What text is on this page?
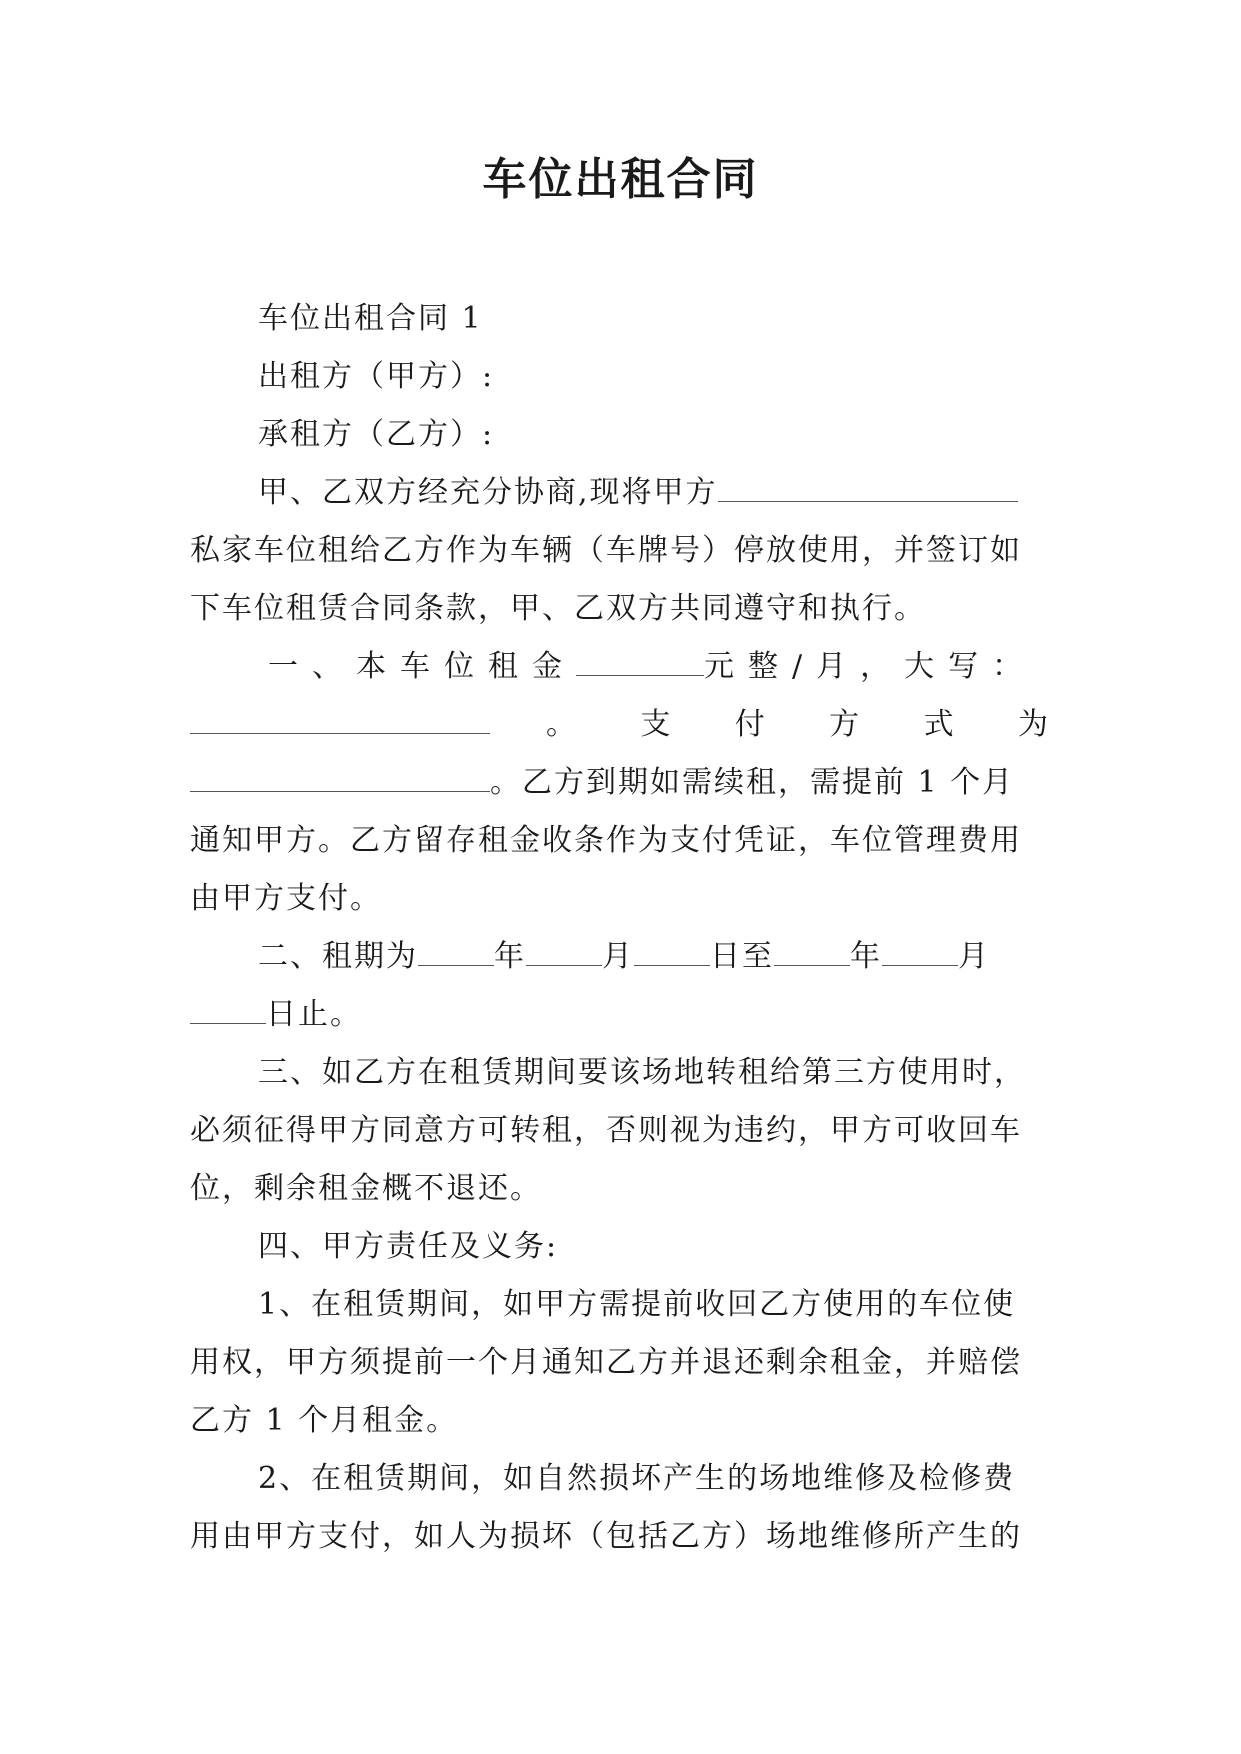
车位出租合同
车位出租合同 1
出租方（甲方）:
承租方（乙方）:
甲、乙双方经充分协商,现将甲方
私家车位租给乙方作为车辆（车牌号）停放使用，并签订如
下车位租赁合同条款，甲、乙双方共同遵守和执行。
一、本车位租金	元整/月，大写：
。 支 付 方 式 为
。乙方到期如需续租，需提前 1 个月
通知甲方。乙方留存租金收条作为支付凭证，车位管理费用
由甲方支付。
二、租期为	年	月	日至	年	月
日止。
三、如乙方在租赁期间要该场地转租给第三方使用时，
必须征得甲方同意方可转租，否则视为违约，甲方可收回车
位，剩余租金概不退还。
四、甲方责任及义务:
1、在租赁期间，如甲方需提前收回乙方使用的车位使
用权，甲方须提前一个月通知乙方并退还剩余租金，并赔偿
乙方 1 个月租金。
2、在租赁期间，如自然损坏产生的场地维修及检修费
用由甲方支付，如人为损坏（包括乙方）场地维修所产生的
